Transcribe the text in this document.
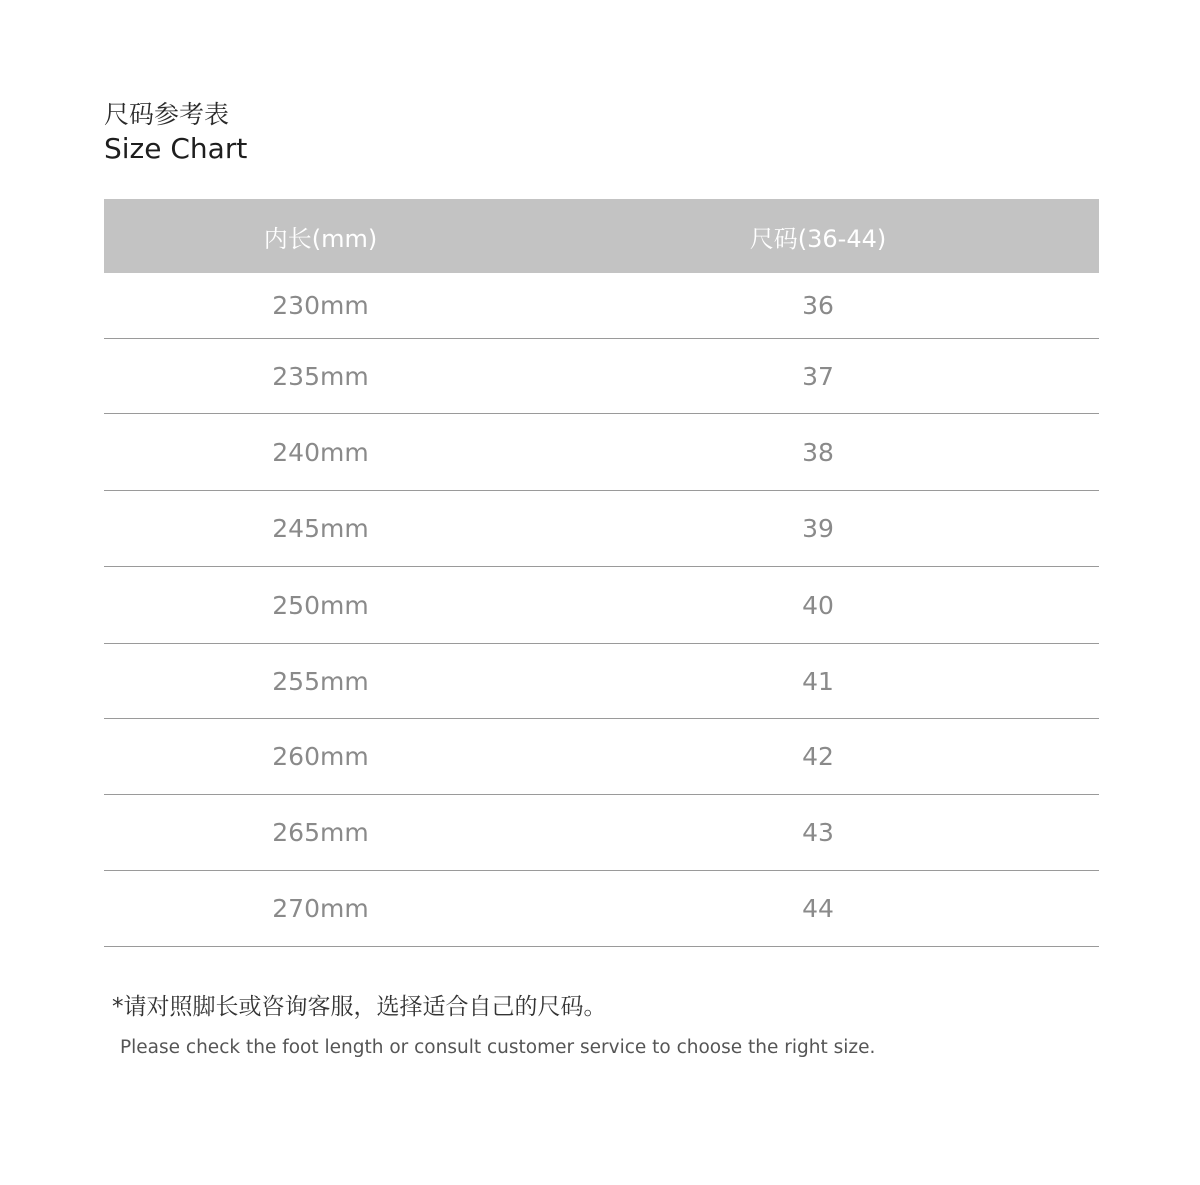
尺码参考表

Size Chart

内长(mm)	尺码(36-44)
230mm	36
235mm	37
240mm	38
245mm	39
250mm	40
255mm	41
260mm	42
265mm	43
270mm	44

*请对照脚长或咨询客服，选择适合自己的尺码。

Please check the foot length or consult customer service to choose the right size.
